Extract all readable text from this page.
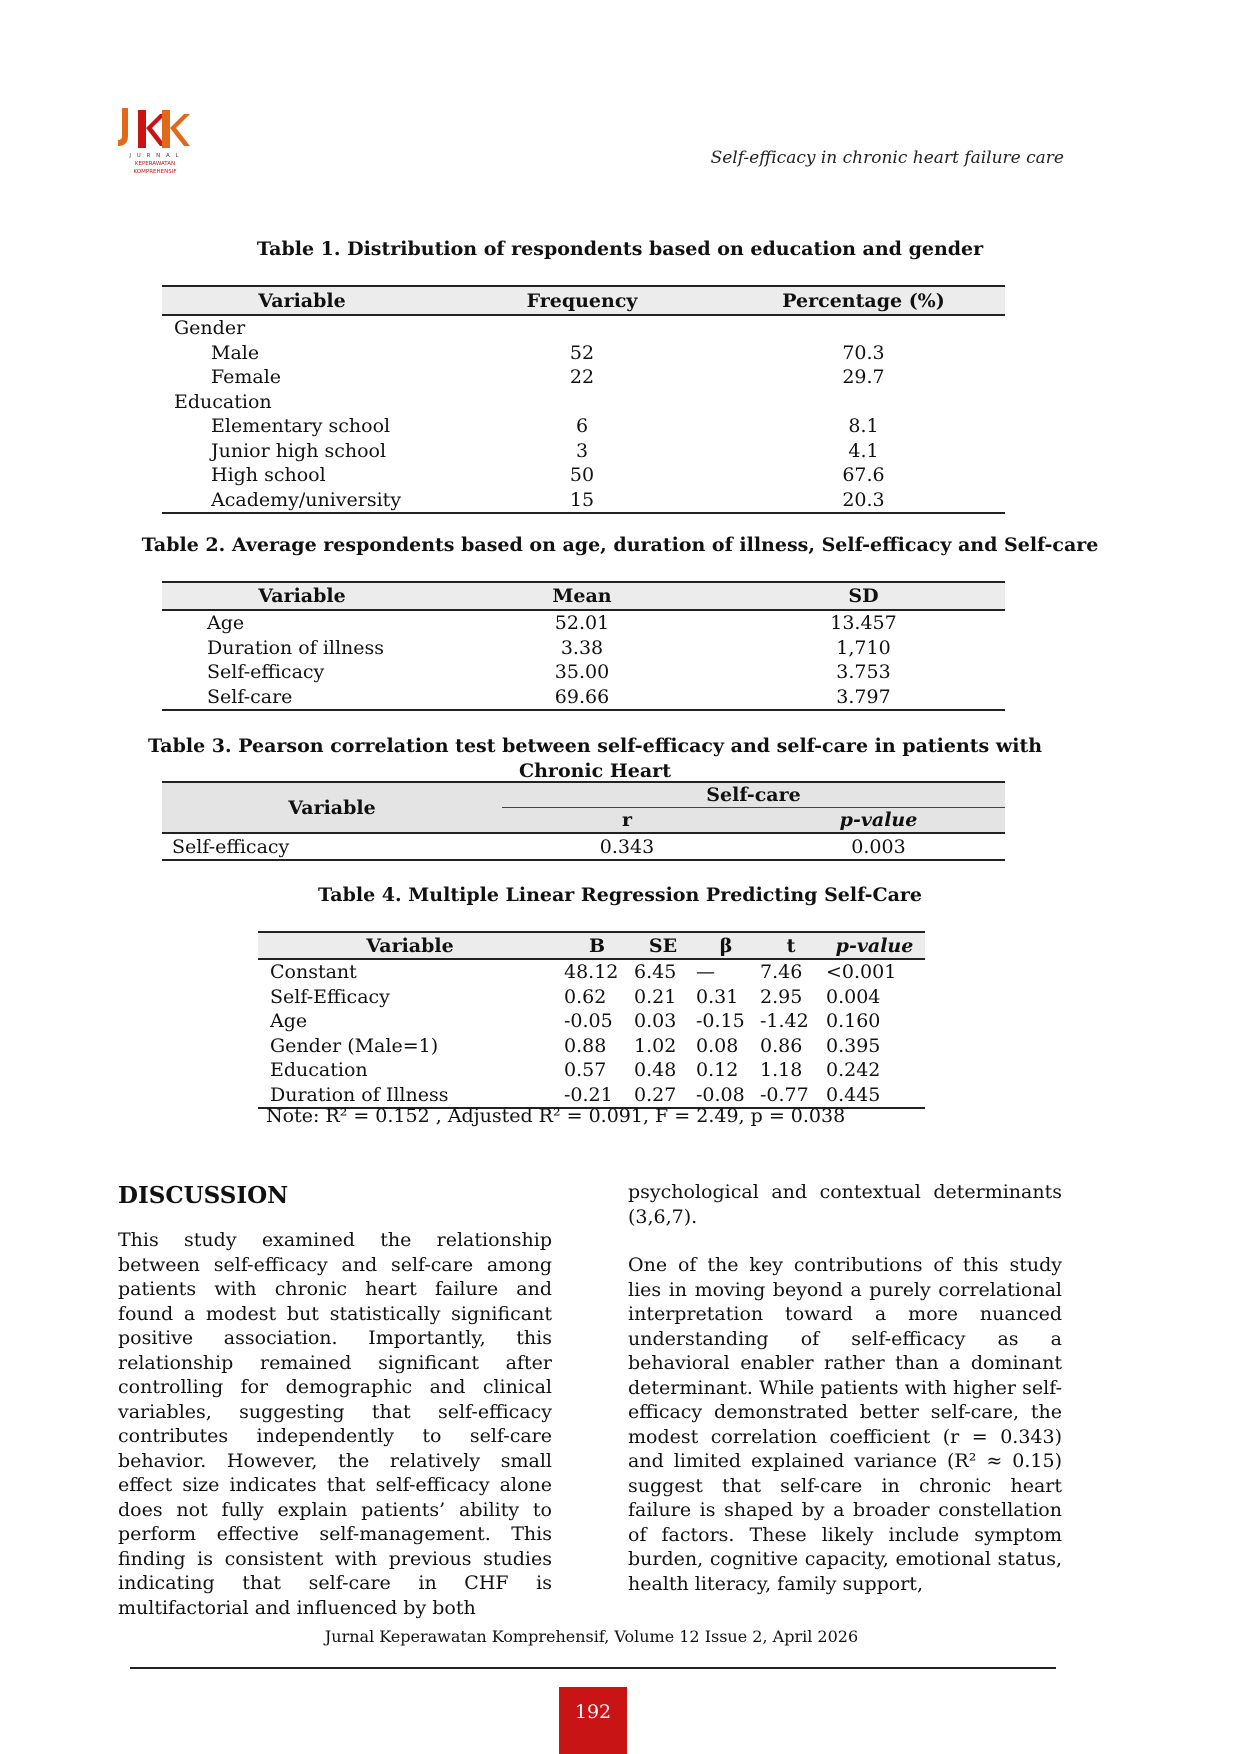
J U R N A L
KEPERAWATAN
KOMPREHENSIF
Self-efficacy in chronic heart failure care
Table 1. Distribution of respondents based on education and gender
Variable	Frequency	Percentage (%)
Gender		
Male	52	70.3
Female	22	29.7
Education		
Elementary school	6	8.1
Junior high school	3	4.1
High school	50	67.6
Academy/university	15	20.3
Table 2. Average respondents based on age, duration of illness, Self-efficacy and Self-care
Variable	Mean	SD
Age	52.01	13.457
Duration of illness	3.38	1,710
Self-efficacy	35.00	3.753
Self-care	69.66	3.797
Table 3. Pearson correlation test between self-efficacy and self-care in patients with Chronic Heart
Variable	Self-care	
	r	p-value
Self-efficacy	0.343	0.003
Table 4. Multiple Linear Regression Predicting Self-Care
Variable	B	SE	β	t	p-value
Constant	48.12	6.45	—	7.46	<0.001
Self-Efficacy	0.62	0.21	0.31	2.95	0.004
Age	-0.05	0.03	-0.15	-1.42	0.160
Gender (Male=1)	0.88	1.02	0.08	0.86	0.395
Education	0.57	0.48	0.12	1.18	0.242
Duration of Illness	-0.21	0.27	-0.08	-0.77	0.445
Note: R² = 0.152 , Adjusted R² = 0.091, F = 2.49, p = 0.038
DISCUSSION
This study examined the relationship between self-efficacy and self-care among patients with chronic heart failure and found a modest but statistically significant positive association. Importantly, this relationship remained significant after controlling for demographic and clinical variables, suggesting that self-efficacy contributes independently to self-care behavior. However, the relatively small effect size indicates that self-efficacy alone does not fully explain patients’ ability to perform effective self-management. This finding is consistent with previous studies indicating that self-care in CHF is multifactorial and influenced by both
psychological and contextual determinants (3,6,7).
One of the key contributions of this study lies in moving beyond a purely correlational interpretation toward a more nuanced understanding of self-efficacy as a behavioral enabler rather than a dominant determinant. While patients with higher self-efficacy demonstrated better self-care, the modest correlation coefficient (r = 0.343) and limited explained variance (R² ≈ 0.15) suggest that self-care in chronic heart failure is shaped by a broader constellation of factors. These likely include symptom burden, cognitive capacity, emotional status, health literacy, family support,
Jurnal Keperawatan Komprehensif, Volume 12 Issue 2, April 2026
192
